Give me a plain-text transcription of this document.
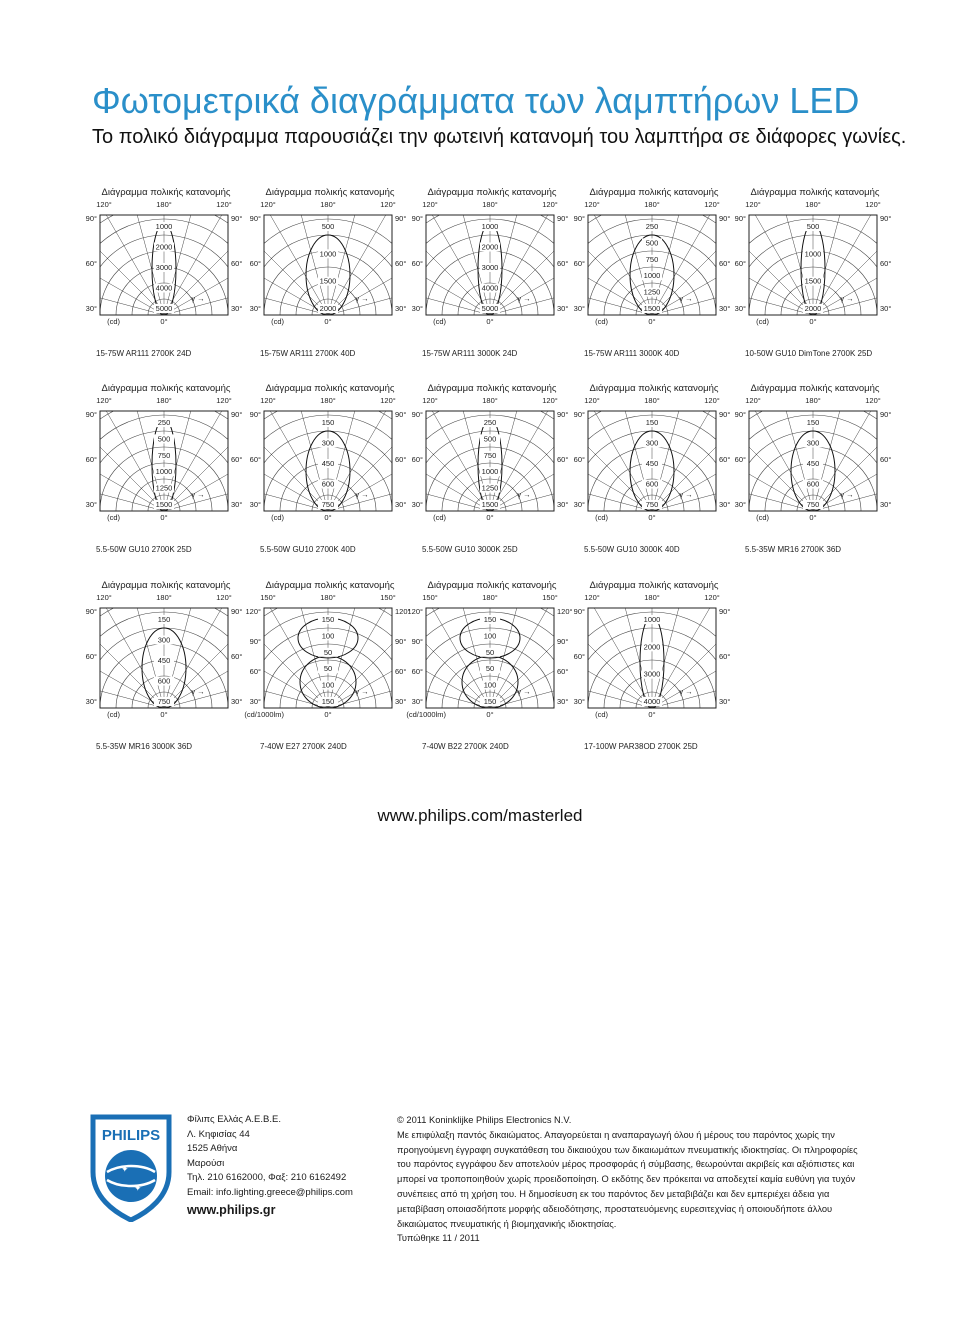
Φωτομετρικά διαγράμματα των λαμπτήρων LED

Το πολικό διάγραμμα παρουσιάζει την φωτεινή κατανομή του λαμπτήρα σε διάφορες γωνίες.

Διάγραμμα πολικής κατανομής
120°	180°	120°
90°
60°
30°
90°
60°
30°
1000
2000
3000
4000
5000
(cd)	0°
γ →
15-75W AR111 2700K 24D
Διάγραμμα πολικής κατανομής
120°	180°	120°
90°
60°
30°
90°
60°
30°
500
1000
1500
2000
(cd)	0°
γ →
15-75W AR111 2700K 40D
Διάγραμμα πολικής κατανομής
120°	180°	120°
90°
60°
30°
90°
60°
30°
1000
2000
3000
4000
5000
(cd)	0°
γ →
15-75W AR111 3000K 24D
Διάγραμμα πολικής κατανομής
120°	180°	120°
90°
60°
30°
90°
60°
30°
250
500
750
1000
1250
1500
(cd)	0°
γ →
15-75W AR111 3000K 40D
Διάγραμμα πολικής κατανομής
120°	180°	120°
90°
60°
30°
90°
60°
30°
500
1000
1500
2000
(cd)	0°
γ →
10-50W GU10 DimTone 2700K 25D
Διάγραμμα πολικής κατανομής
120°	180°	120°
90°
60°
30°
90°
60°
30°
250
500
750
1000
1250
1500
(cd)	0°
γ →
5.5-50W GU10 2700K 25D
Διάγραμμα πολικής κατανομής
120°	180°	120°
90°
60°
30°
90°
60°
30°
150
300
450
600
750
(cd)	0°
γ →
5.5-50W GU10 2700K 40D
Διάγραμμα πολικής κατανομής
120°	180°	120°
90°
60°
30°
90°
60°
30°
250
500
750
1000
1250
1500
(cd)	0°
γ →
5.5-50W GU10 3000K 25D
Διάγραμμα πολικής κατανομής
120°	180°	120°
90°
60°
30°
90°
60°
30°
150
300
450
600
750
(cd)	0°
γ →
5.5-50W GU10 3000K 40D
Διάγραμμα πολικής κατανομής
120°	180°	120°
90°
60°
30°
90°
60°
30°
150
300
450
600
750
(cd)	0°
γ →
5.5-35W MR16 2700K 36D
Διάγραμμα πολικής κατανομής
120°	180°	120°
90°
60°
30°
90°
60°
30°
150
300
450
600
750
(cd)	0°
γ →
5.5-35W MR16 3000K 36D
Διάγραμμα πολικής κατανομής
150°	180°	150°
120°
90°
60°
30°
120°
90°
60°
30°
150
100
50
50
100
150
(cd/1000lm)	0°
γ →
7-40W E27 2700K 240D
Διάγραμμα πολικής κατανομής
150°	180°	150°
120°
90°
60°
30°
120°
90°
60°
30°
150
100
50
50
100
150
(cd/1000lm)	0°
γ →
7-40W B22 2700K 240D
Διάγραμμα πολικής κατανομής
120°	180°	120°
90°
60°
30°
90°
60°
30°
1000
2000
3000
4000
(cd)	0°
γ →
17-100W PAR38OD 2700K 25D
www.philips.com/masterled
PHILIPS
✦
✦
Φίλιπς Ελλάς Α.Ε.Β.Ε.
Λ. Κηφισίας 44
1525 Αθήνα
Μαρούσι
Τηλ. 210 6162000, Φαξ: 210 6162492
Email: info.lighting.greece@philips.com
www.philips.gr
© 2011 Koninklijke Philips Electronics N.V.
Με επιφύλαξη παντός δικαιώματος. Απαγορεύεται η αναπαραγωγή όλου ή μέρους του παρόντος χωρίς την προηγούμενη έγγραφη συγκατάθεση του δικαιούχου των δικαιωμάτων πνευματικής ιδιοκτησίας. Οι πληροφορίες του παρόντος εγγράφου δεν αποτελούν μέρος προσφοράς ή σύμβασης, θεωρούνται ακριβείς και αξιόπιστες και μπορεί να τροποποιηθούν χωρίς προειδοποίηση. Ο εκδότης δεν πρόκειται να αποδεχτεί καμία ευθύνη για τυχόν συνέπειες από τη χρήση του. Η δημοσίευση εκ του παρόντος δεν μεταβιβάζει και δεν εμπεριέχει άδεια για μεταβίβαση οποιασδήποτε μορφής αδειοδότησης, προστατευόμενης ευρεσιτεχνίας ή οποιουδήποτε άλλου δικαιώματος πνευματικής ή βιομηχανικής ιδιοκτησίας.
Τυπώθηκε 11 / 2011
